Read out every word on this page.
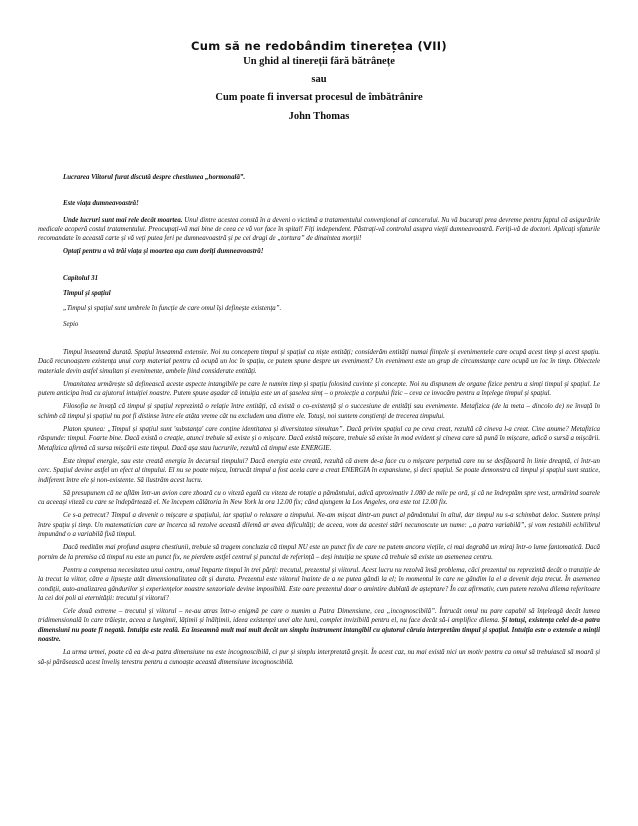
Cum să ne redobândim tinerețea (VII)

Un ghid al tinereții fără bătrânețe

sau

Cum poate fi inversat procesul de îmbătrânire

John Thomas

Lucrarea Viitorul furat discută despre chestiunea „hormonală”.

Este viața dumneavoastră!

Unde lucruri sunt mai rele decât moartea. Unul dintre acestea constă în a deveni o victimă a tratamentului convențional al cancerului. Nu vă bucurați prea devreme pentru faptul că asigurările medicale acoperă costul tratamentului. Preocupați-vă mai bine de ceea ce vă vor face în spital! Fiți independent. Păstrați-vă controlul asupra vieții dumneavoastră. Feriți-vă de doctori. Aplicați sfaturile recomandate în această carte și vă veți putea feri pe dumneavoastră și pe cei dragi de „tortura” de dinaintea morții!

Optați pentru a vă trăi viața și moartea așa cum doriți dumneavoastră!

Capitolul 31

Timpul și spațiul

„Timpul și spațiul sunt umbrele în funcție de care omul își definește existența”.

Sepio

Timpul înseamnă durată. Spațiul înseamnă extensie. Noi nu concepem timpul și spațiul ca niște entități; considerăm entități numai ființele și evenimentele care ocupă acest timp și acest spațiu. Dacă recunoaștem existența unui corp material pentru că ocupă un loc în spațiu, ce putem spune despre un eveniment? Un eveniment este un grup de circumstanțe care ocupă un loc în timp. Obiectele materiale devin astfel simultan și evenimente, ambele fiind considerate entități.

Umanitatea urmărește să definească aceste aspecte intangibile pe care le numim timp și spațiu folosind cuvinte și concepte. Noi nu dispunem de organe fizice pentru a simți timpul și spațiul. Le putem anticipa însă cu ajutorul intuiției noastre. Putem spune așadar că intuiția este un al șaselea simț – o proiecție a corpului fizic – ceva ce invocăm pentru a înțelege timpul și spațiul.

Filosofia ne învață că timpul și spațiul reprezintă o relație între entități, că există o co-existență și o succesiune de entități sau evenimente. Metafizica (de la meta – dincolo de) ne învață în schimb că timpul și spațiul nu pot fi distinse între ele atâta vreme cât nu excludem una dintre ele. Totuși, noi suntem conștienți de trecerea timpului.

Platon spunea: „Timpul și spațiul sunt 'substanța' care conține identitatea și diversitatea simultan”. Dacă privim spațiul ca pe ceva creat, rezultă că cineva l-a creat. Cine anume? Metafizica răspunde: timpul. Foarte bine. Dacă există o creație, atunci trebuie să existe și o mișcare. Dacă există mișcare, trebuie să existe în mod evident și cineva care să pună în mișcare, adică o sursă a mișcării. Metafizica afirmă că sursa mișcării este timpul. Dacă așa stau lucrurile, rezultă că timpul este ENERGIE.

Este timpul energie, sau este creată energia în decursul timpului? Dacă energia este creată, rezultă că avem de-a face cu o mișcare perpetuă care nu se desfășoară în linie dreaptă, ci într-un cerc. Spațiul devine astfel un efect al timpului. El nu se poate mișca, întrucât timpul a fost acela care a creat ENERGIA în expansiune, și deci spațiul. Se poate demonstra că timpul și spațiul sunt statice, indiferent între ele și non-existente. Să ilustrăm acest lucru.

Să presupunem că ne aflăm într-un avion care zboară cu o viteză egală cu viteza de rotație a pământului, adică aproximativ 1.080 de mile pe oră, și că ne îndreptăm spre vest, urmărind soarele cu aceeași viteză cu care se îndepărtează el. Ne începem călătoria în New York la ora 12.00 fix; când ajungem la Los Angeles, ora este tot 12.00 fix.

Ce s-a petrecut? Timpul a devenit o mișcare a spațiului, iar spațiul o relaxare a timpului. Ne-am mișcat dintr-un punct al pământului în altul, dar timpul nu s-a schimbat deloc. Suntem prinși între spațiu și timp. Un matematician care ar încerca să rezolve această dilemă ar avea dificultăți; de aceea, vom da acestei stări necunoscute un nume: „a patra variabilă”, și vom restabili echilibrul impunând o a variabilă fixă timpul.

Dacă meditām mai profund asupra chestiunii, trebuie să tragem concluzia că timpul NU este un punct fix de care ne putem ancora viețile, ci mai degrabă un miraj într-o lume fantomatică. Dacă pornim de la premisa că timpul nu este un punct fix, ne pierdem astfel centrul și punctul de referință – deși intuiția ne spune că trebuie să existe un asemenea centru.

Pentru a compensa necesitatea unui centru, omul împarte timpul în trei părți: trecutul, prezentul și viitorul. Acest lucru nu rezolvă însă problema, căci prezentul nu reprezintă decât o tranziție de la trecut la viitor, către a lipsește atât dimensionalitatea cât și durata. Prezentul este viitorul înainte de a ne putea gândi la el; în momentul în care ne gândim la el a devenit deja trecut. În asemenea condiții, auto-analizarea gândurilor și experiențelor noastre senzoriale devine imposibilă. Este oare prezentul doar o amintire dublată de așteptare? În caz afirmativ, cum putem rezolva dilema referitoare la cei doi poli ai eternității: trecutul și viitorul?

Cele două extreme – trecutul și viitorul – ne-au atras într-o enigmă pe care o numim a Patra Dimensiune, cea „incognoscibilă”. Întrucât omul nu pare capabil să înțeleagă decât lumea tridimensională în care trăiește, aceea a lungimii, lățimii și înălțimii, ideea existenței unei alte lumi, complet invizibilă pentru el, nu face decât să-i amplifice dilema. Și totuși, existența celei de-a patra dimensiuni nu poate fi negată. Intuiția este reală. Ea înseamnă mult mai mult decât un simplu instrument intangibil cu ajutorul căruia interpretăm timpul și spațiul. Intuiția este o extensie a minții noastre.

La urma urmei, poate că ea de-a patra dimensiune nu este incognoscibilă, ci pur și simplu interpretată greșit. În acest caz, nu mai există nici un motiv pentru ca omul să trebuiască să moară și să-și părăsească acest înveliș terestru pentru a cunoaște această dimensiune incognoscibilă.
